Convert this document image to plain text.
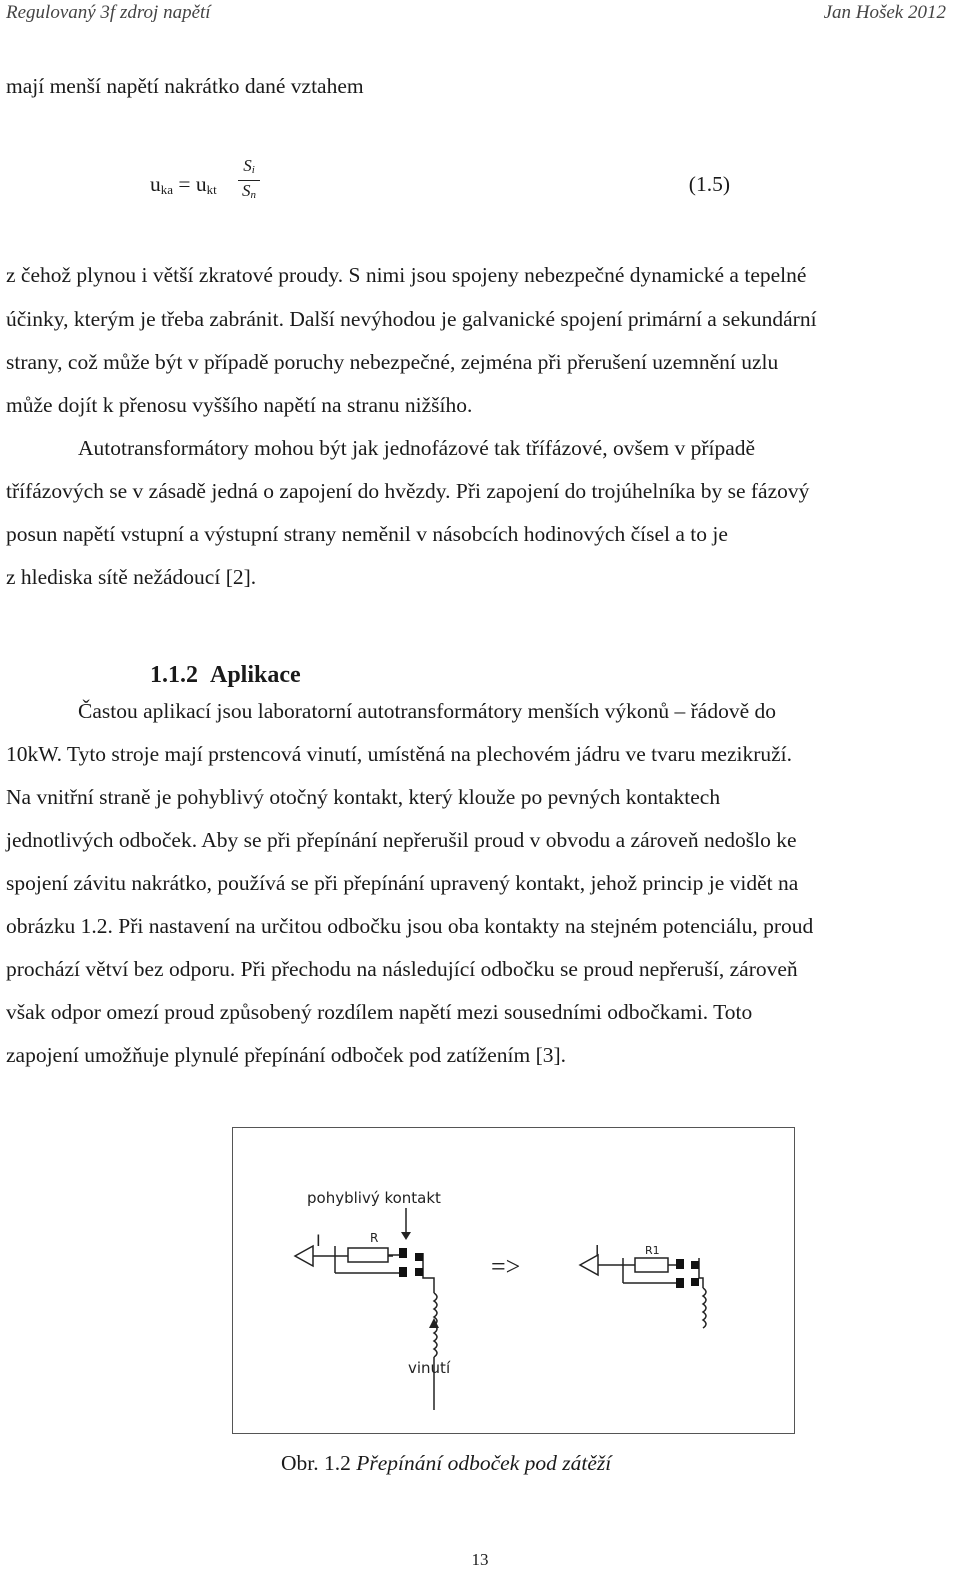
Regulovaný 3f zdroj napětí	Jan Hošek 2012
mají menší napětí nakrátko dané vztahem
$u_{ka} = u_{kt} \frac{S_i}{S_n}$	(1.5)
z čehož plynou i větší zkratové proudy. S nimi jsou spojeny nebezpečné dynamické a tepelné
účinky, kterým je třeba zabránit. Další nevýhodou je galvanické spojení primární a sekundární
strany, což může být v případě poruchy nebezpečné, zejména při přerušení uzemnění uzlu
může dojít k přenosu vyššího napětí na stranu nižšího.
Autotransformátory mohou být jak jednofázové tak třífázové, ovšem v případě
třífázových se v zásadě jedná o zapojení do hvězdy. Při zapojení do trojúhelníka by se fázový
posun napětí vstupní a výstupní strany neměnil v násobcích hodinových čísel a to je
z hlediska sítě nežádoucí [2].
1.1.2 Aplikace
Častou aplikací jsou laboratorní autotransformátory menších výkonů – řádově do
10kW. Tyto stroje mají prstencová vinutí, umístěná na plechovém jádru ve tvaru mezikruží.
Na vnitřní straně je pohyblivý otočný kontakt, který klouže po pevných kontaktech
jednotlivých odboček. Aby se při přepínání nepřerušil proud v obvodu a zároveň nedošlo ke
spojení závitu nakrátko, používá se při přepínání upravený kontakt, jehož princip je vidět na
obrázku 1.2. Při nastavení na určitou odbočku jsou oba kontakty na stejném potenciálu, proud
prochází větví bez odporu. Při přechodu na následující odbočku se proud nepřeruší, zároveň
však odpor omezí proud způsobený rozdílem napětí mezi sousedními odbočkami. Toto
zapojení umožňuje plynulé přepínání odboček pod zatížením [3].
pohyblivý kontakt
I	R
vinutí
=>
I	R1
Obr. 1.2 Přepínání odboček pod zátěží
13
